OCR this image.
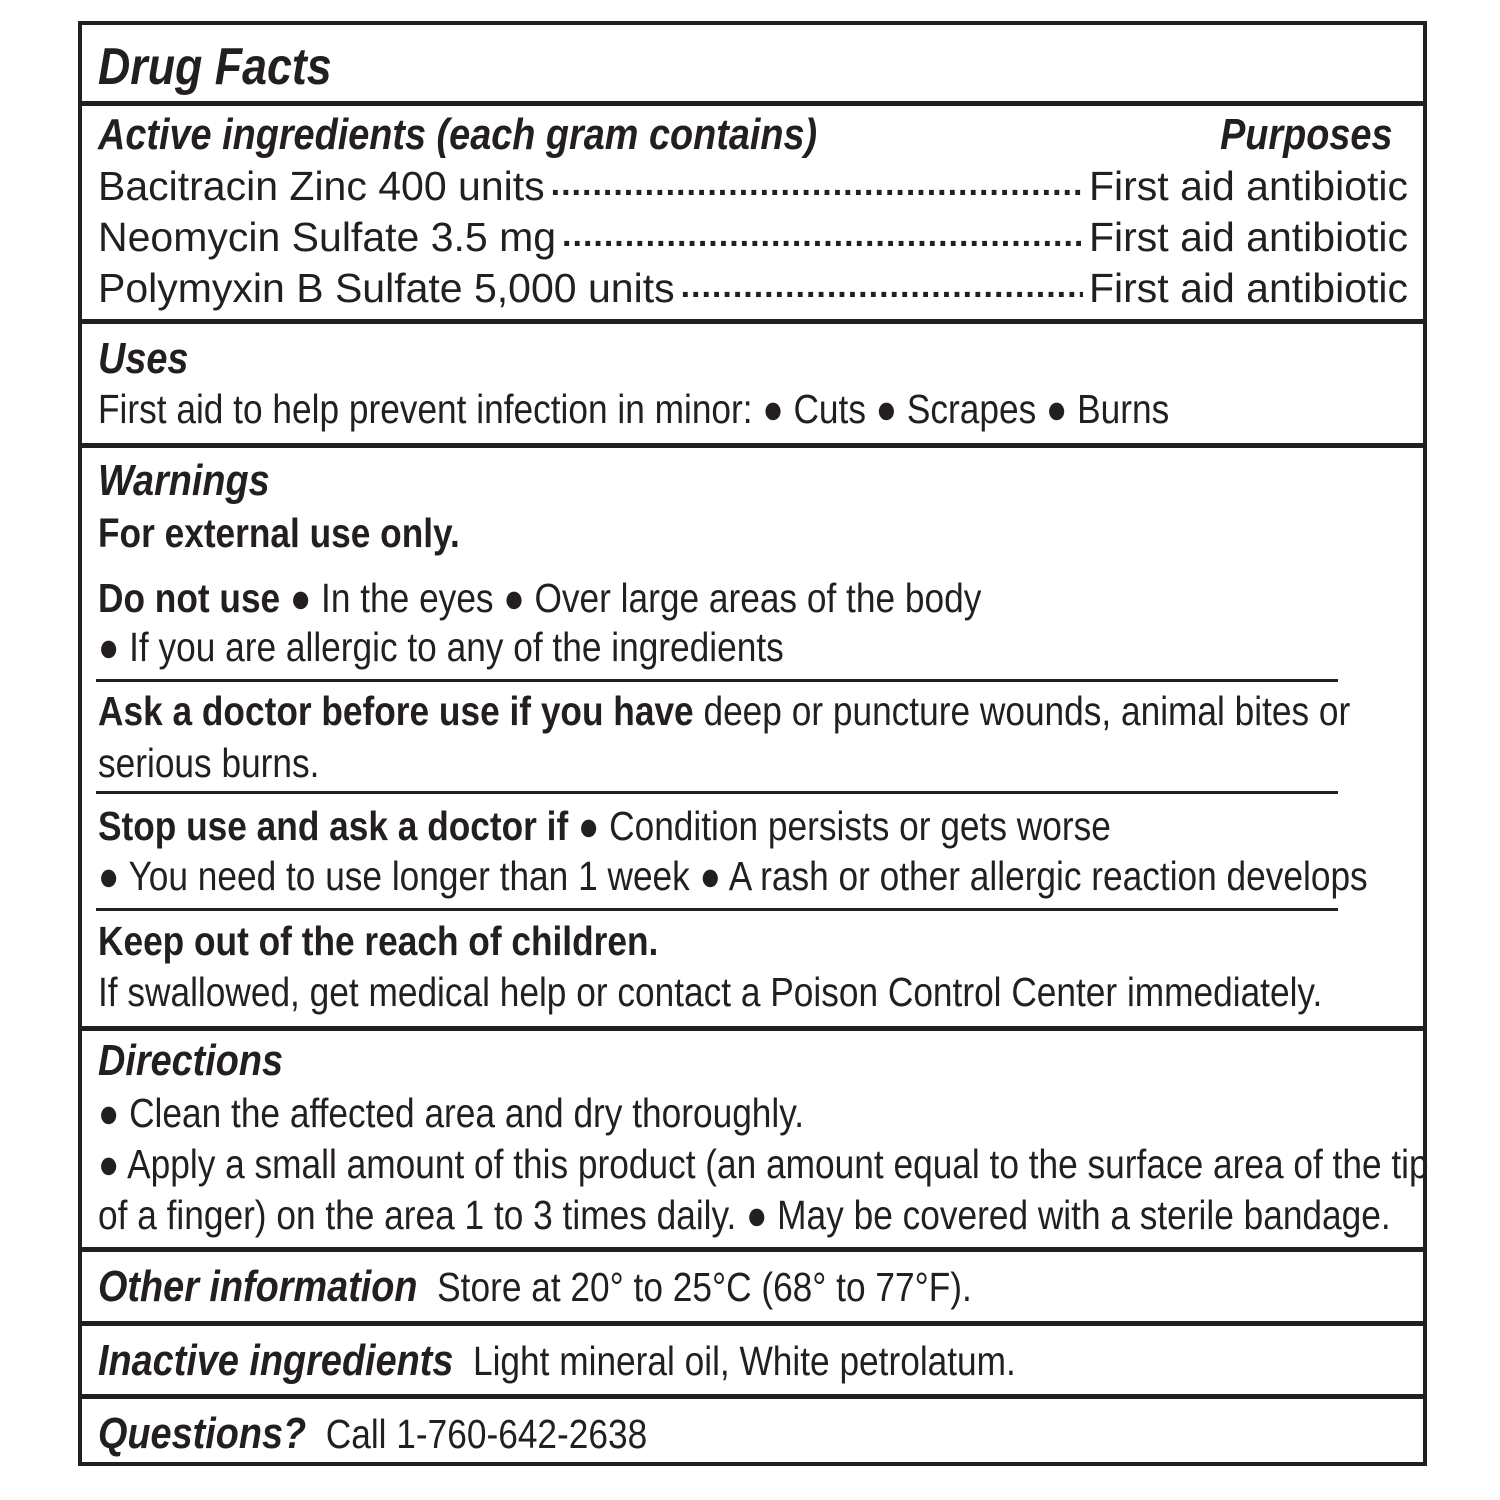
Drug Facts
Active ingredients (each gram contains)	Purposes
Bacitracin Zinc 400 units .....	First aid antibiotic
Neomycin Sulfate 3.5 mg .....	First aid antibiotic
Polymyxin B Sulfate 5,000 units .....	First aid antibiotic
Uses
First aid to help prevent infection in minor: ● Cuts ● Scrapes ● Burns
Warnings
For external use only.
Do not use ● In the eyes ● Over large areas of the body
● If you are allergic to any of the ingredients
Ask a doctor before use if you have deep or puncture wounds, animal bites or
serious burns.
Stop use and ask a doctor if ● Condition persists or gets worse
● You need to use longer than 1 week ● A rash or other allergic reaction develops
Keep out of the reach of children.
If swallowed, get medical help or contact a Poison Control Center immediately.
Directions
● Clean the affected area and dry thoroughly.
● Apply a small amount of this product (an amount equal to the surface area of the tip
of a finger) on the area 1 to 3 times daily. ● May be covered with a sterile bandage.
Other information Store at 20° to 25°C (68° to 77°F).
Inactive ingredients Light mineral oil, White petrolatum.
Questions? Call 1-760-642-2638
